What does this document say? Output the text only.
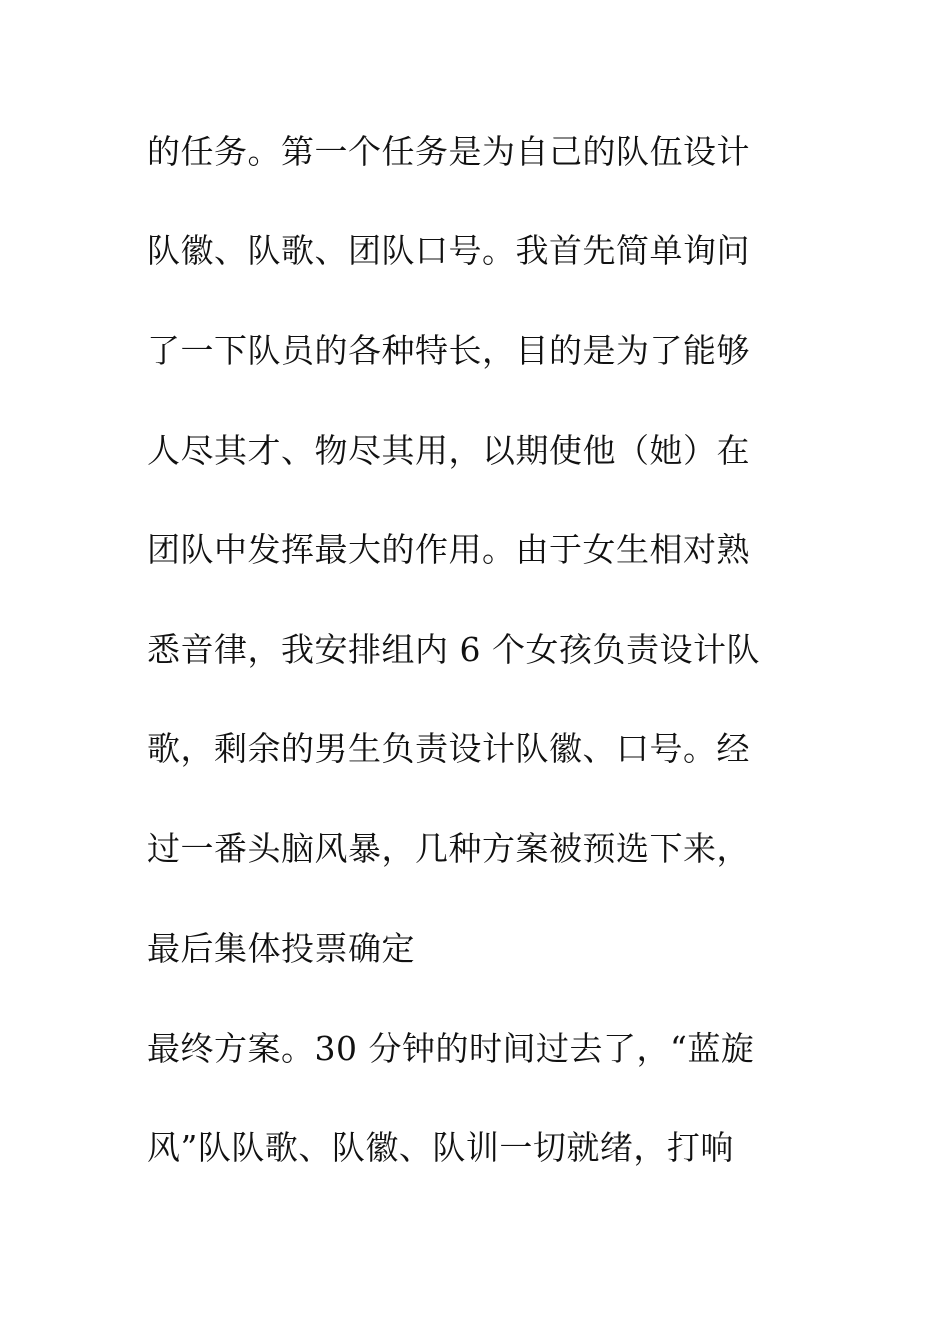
的任务。第一个任务是为自己的队伍设计
队徽、队歌、团队口号。我首先简单询问
了一下队员的各种特长，目的是为了能够
人尽其才、物尽其用，以期使他（她）在
团队中发挥最大的作用。由于女生相对熟
悉音律，我安排组内 6 个女孩负责设计队
歌，剩余的男生负责设计队徽、口号。经
过一番头脑风暴，几种方案被预选下来，
最后集体投票确定
最终方案。30 分钟的时间过去了，“蓝旋
风”队队歌、队徽、队训一切就绪，打响
